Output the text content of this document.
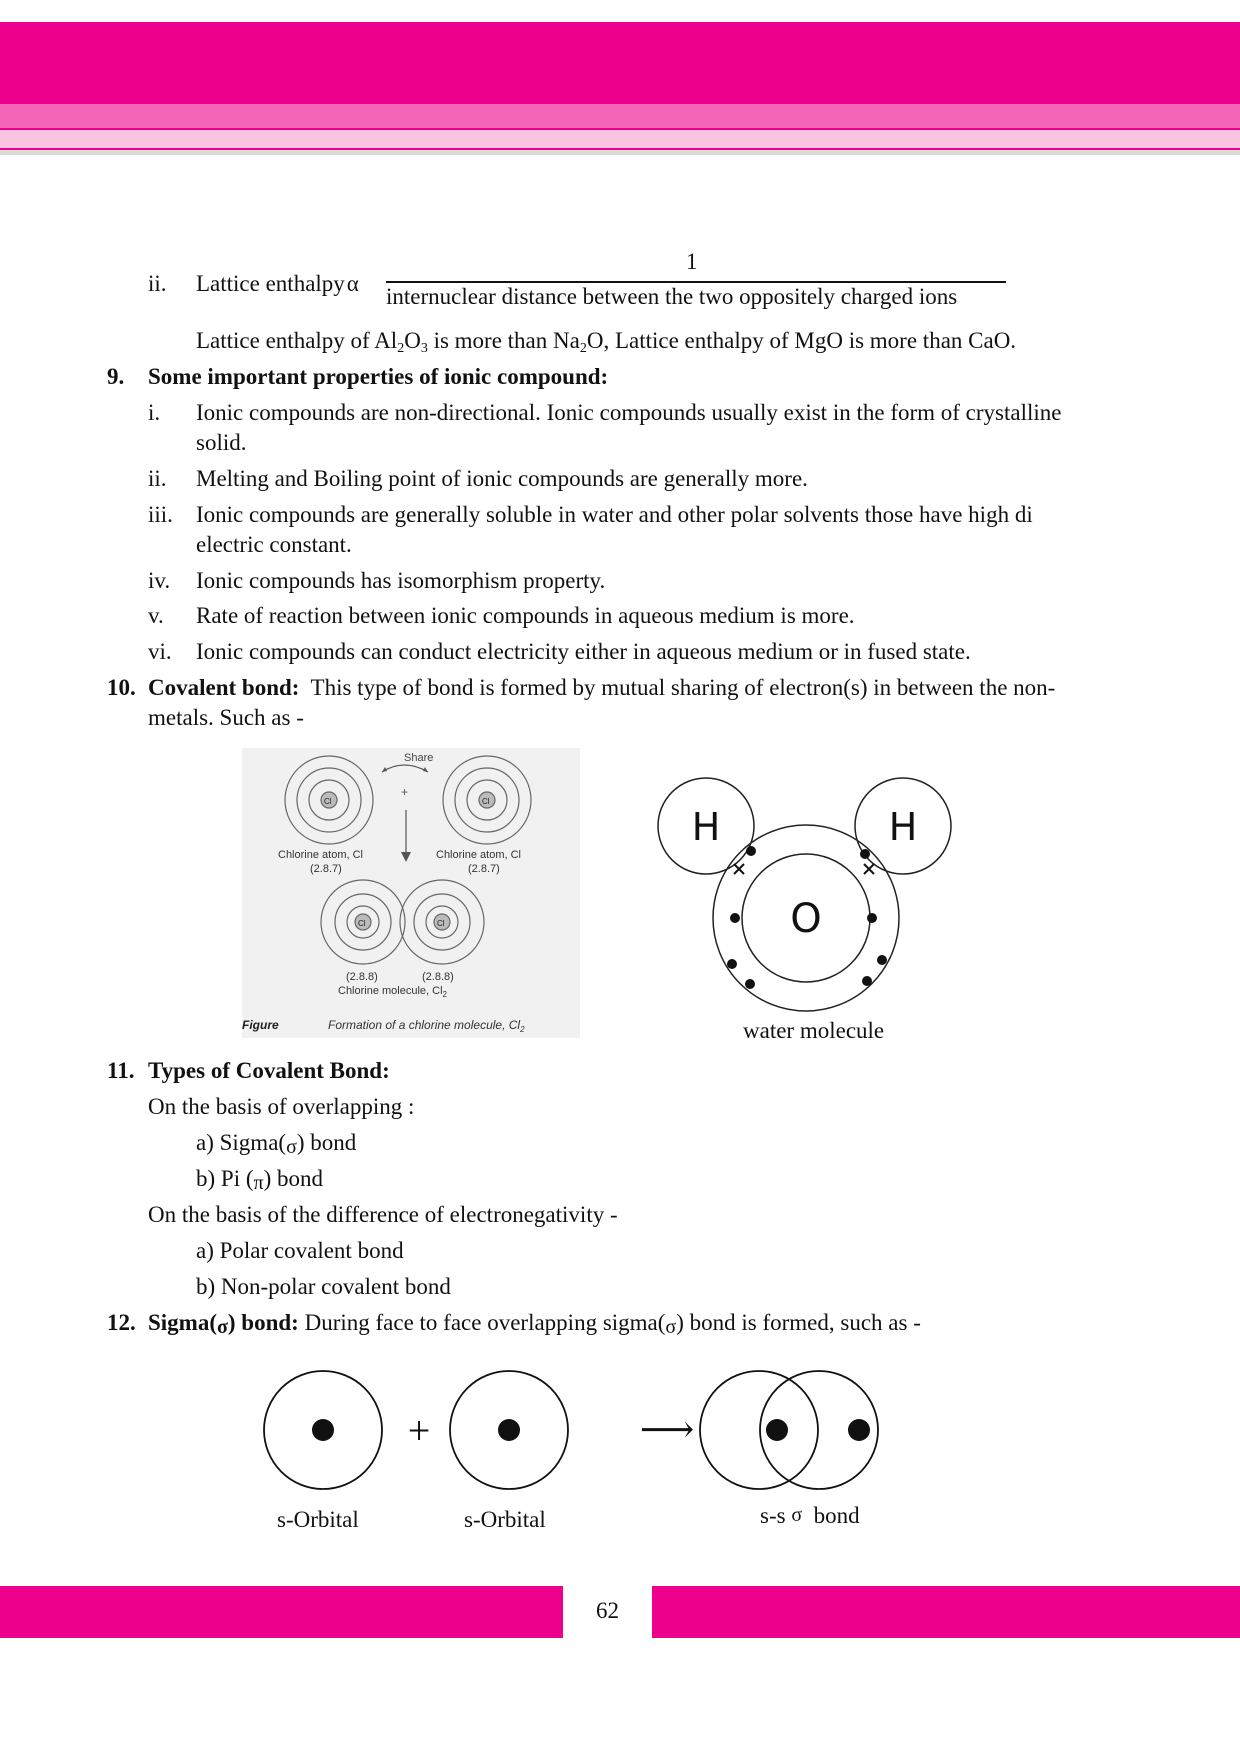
ii. Lattice enthalpyα
1
internuclear distance between the two oppositely charged ions
Lattice enthalpy of $Al_2O_3$ is more than $Na_2O$, Lattice enthalpy of MgO is more than CaO.
9. Some important properties of ionic compound:
i. Ionic compounds are non-directional. Ionic compounds usually exist in the form of crystalline
solid.
ii. Melting and Boiling point of ionic compounds are generally more.
iii. Ionic compounds are generally soluble in water and other polar solvents those have high di
electric constant.
iv. Ionic compounds has isomorphism property.
v. Rate of reaction between ionic compounds in aqueous medium is more.
vi. Ionic compounds can conduct electricity either in aqueous medium or in fused state.
10. Covalent bond: This type of bond is formed by mutual sharing of electron(s) in between the non-
metals. Such as -
Share
+
Cl	Cl
Chlorine atom, Cl
(2.8.7)
Chlorine atom, Cl
(2.8.7)
Cl	Cl
(2.8.8)	(2.8.8)
Chlorine molecule, $Cl_2$
Figure	Formation of a chlorine molecule, $Cl_2$
H	H
O
water molecule
11. Types of Covalent Bond:
On the basis of overlapping :
a) Sigma(σ) bond
b) Pi (π) bond
On the basis of the difference of electronegativity -
a) Polar covalent bond
b) Non-polar covalent bond
12. Sigma(σ) bond: During face to face overlapping sigma(σ) bond is formed, such as -
+	⟶
s-Orbital	s-Orbital	s-s σ bond
62
